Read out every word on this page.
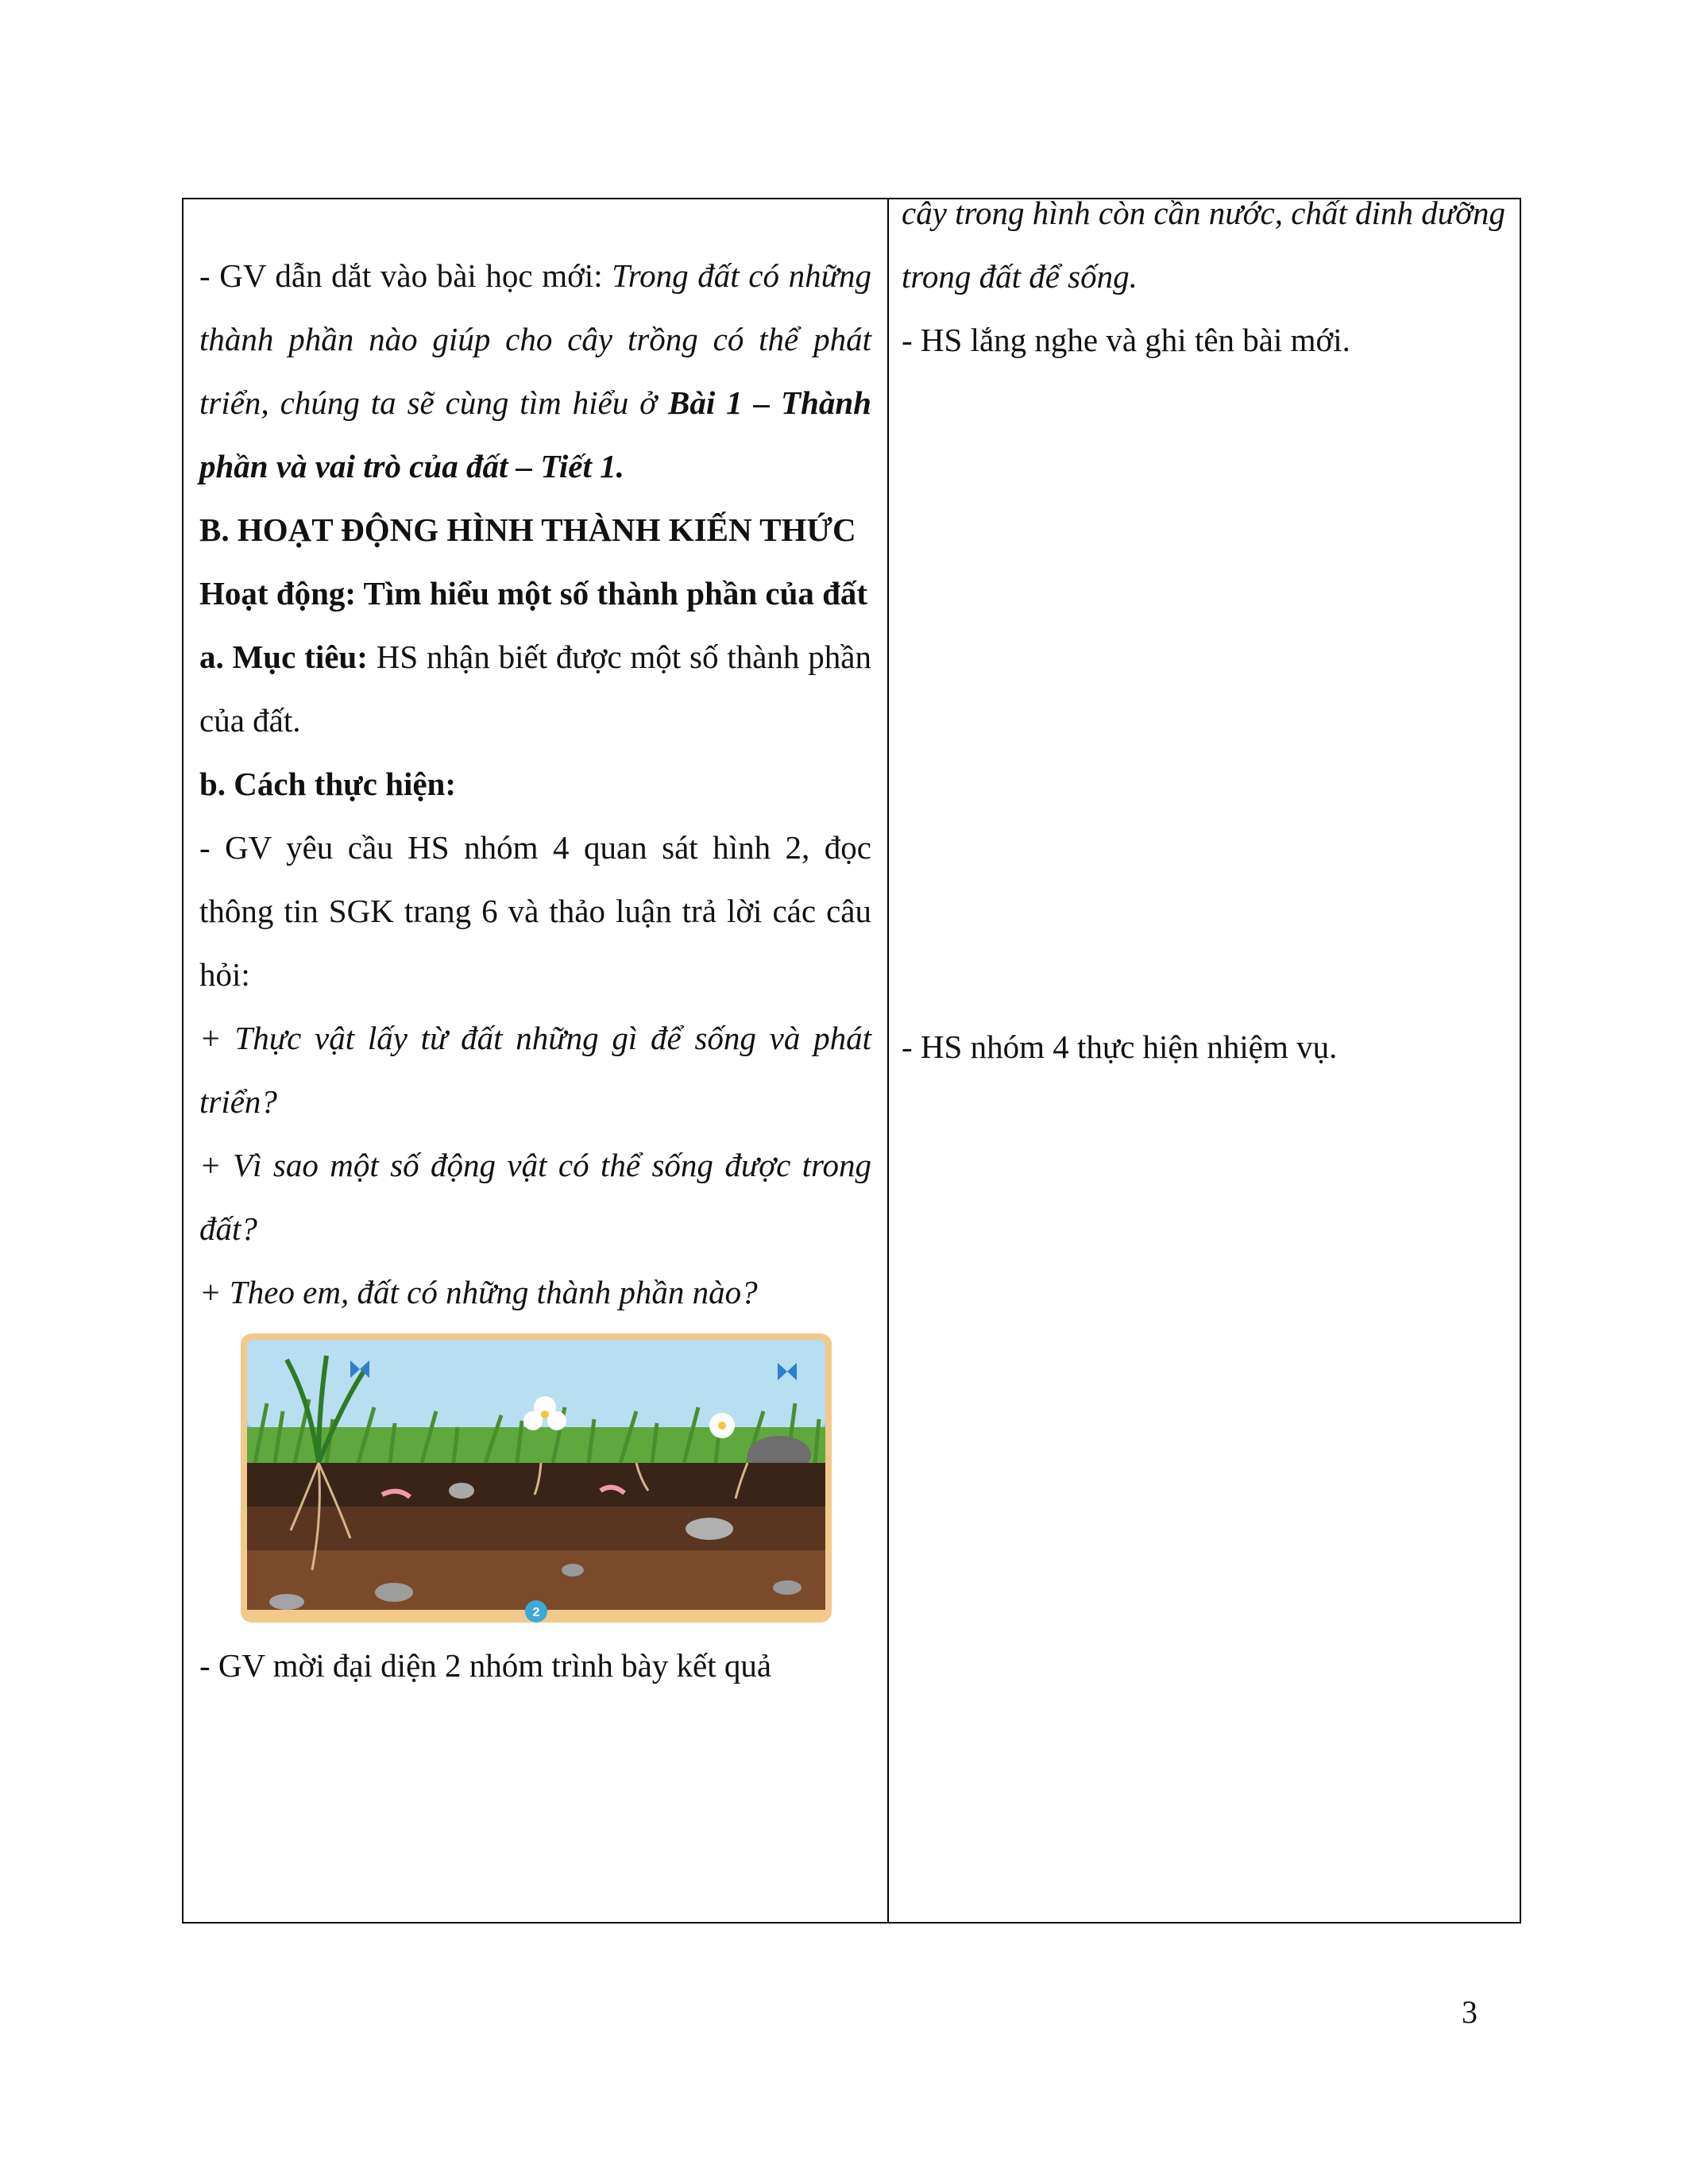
- GV dẫn dắt vào bài học mới: Trong đất có những thành phần nào giúp cho cây trồng có thể phát triển, chúng ta sẽ cùng tìm hiểu ở Bài 1 – Thành phần và vai trò của đất – Tiết 1.

B. HOẠT ĐỘNG HÌNH THÀNH KIẾN THỨC

Hoạt động: Tìm hiểu một số thành phần của đất

a. Mục tiêu: HS nhận biết được một số thành phần của đất.

b. Cách thực hiện:

- GV yêu cầu HS nhóm 4 quan sát hình 2, đọc thông tin SGK trang 6 và thảo luận trả lời các câu hỏi:

+ Thực vật lấy từ đất những gì để sống và phát triển?

+ Vì sao một số động vật có thể sống được trong đất?

+ Theo em, đất có những thành phần nào?

2

- GV mời đại diện 2 nhóm trình bày kết quả

cây trong hình còn cần nước, chất dinh dưỡng trong đất để sống.

- HS lắng nghe và ghi tên bài mới.

- HS nhóm 4 thực hiện nhiệm vụ.

3
